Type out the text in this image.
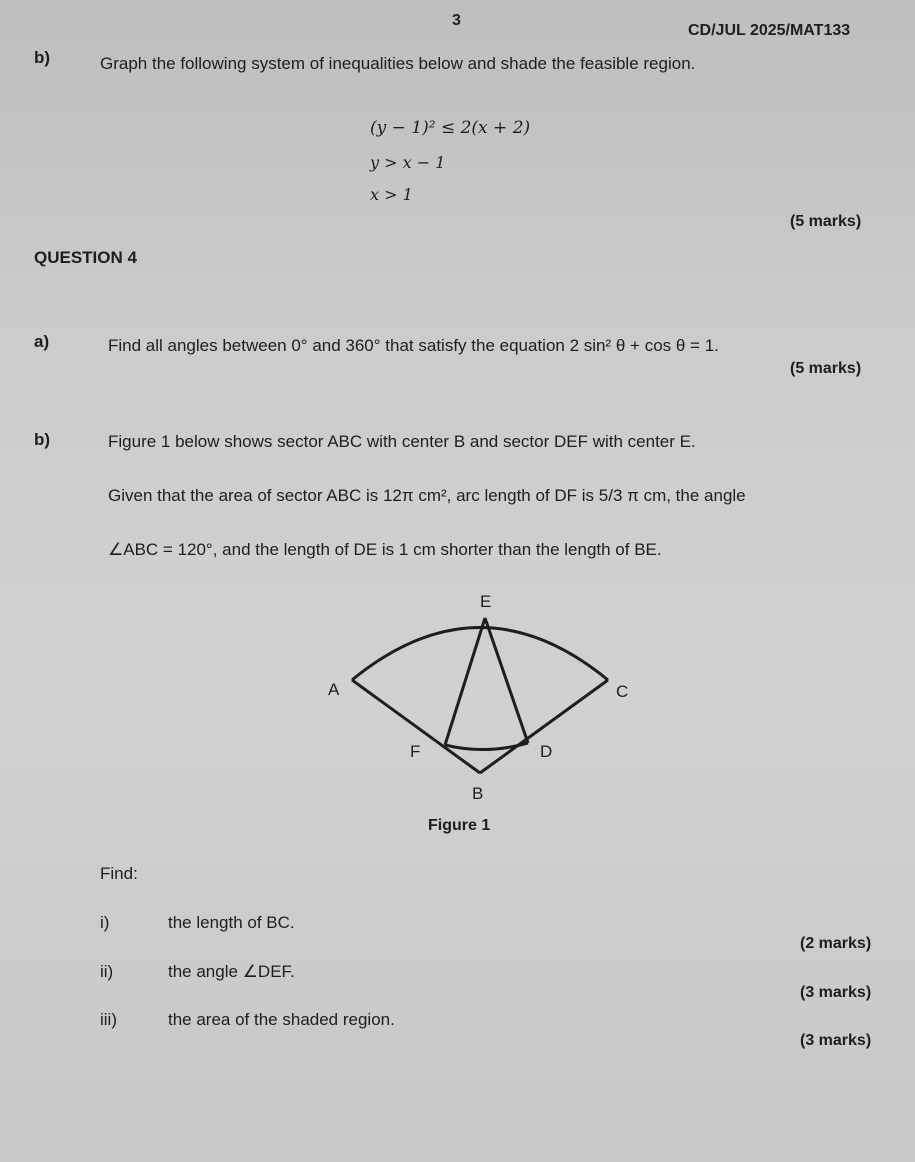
3
CD/JUL 2025/MAT133
b)	Graph the following system of inequalities below and shade the feasible region.
(y − 1)² ≤ 2(x + 2)
y > x − 1
x > 1
(5 marks)
QUESTION 4
a)	Find all angles between 0° and 360° that satisfy the equation 2 sin² θ + cos θ = 1.
(5 marks)
b)	Figure 1 below shows sector ABC with center B and sector DEF with center E.
Given that the area of sector ABC is 12π cm², arc length of DF is 5/3 π cm, the angle
∠ABC = 120°, and the length of DE is 1 cm shorter than the length of BE.
E
A	C
F	D
B
Figure 1
Find:
i)	the length of BC.
(2 marks)
ii)	the angle ∠DEF.
(3 marks)
iii)	the area of the shaded region.
(3 marks)
